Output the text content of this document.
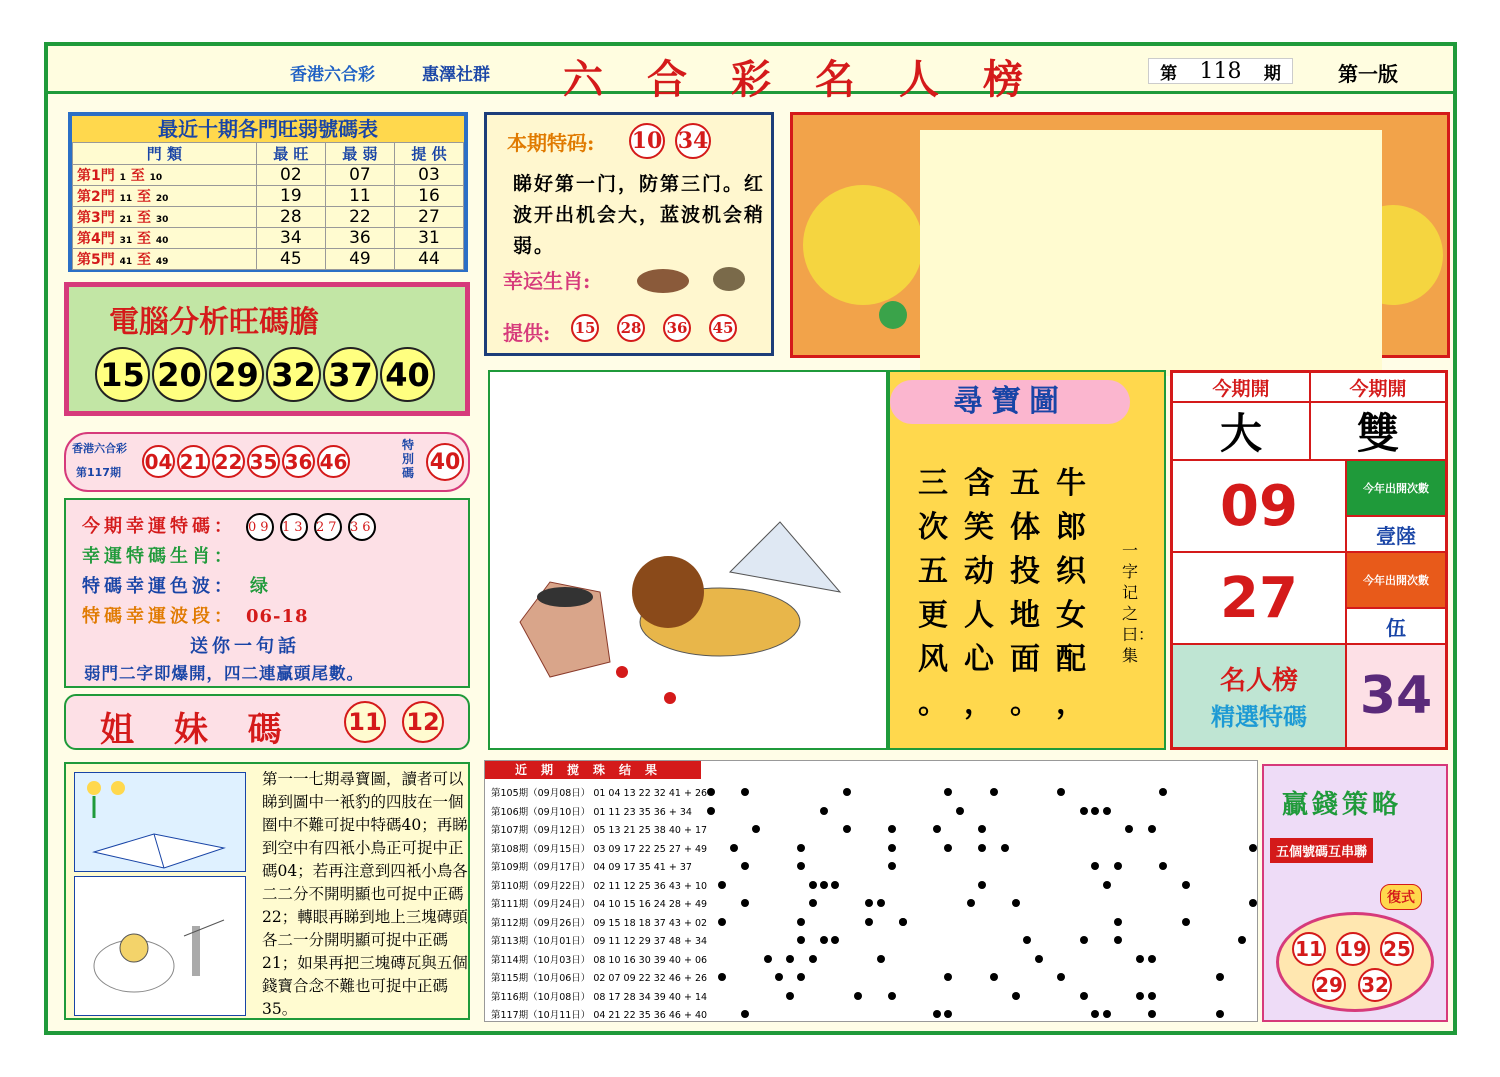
香港六合彩	惠澤社群 六合彩名人榜	第 118 期	第一版
最近十期各門旺弱號碼表
門 類	最 旺	最 弱	提 供
第1門 1 至 10	02	07	03
第2門 11 至 20	19	11	16
第3門 21 至 30	28	22	27
第4門 31 至 40	34	36	31
第5門 41 至 49	45	49	44
電腦分析旺碼膽
15 20 29 32 37 40
香港六合彩
第117期 04 21 22 35 36 46
特別碼 40
今期幸運特碼： 09 13 27 36
幸運特碼生肖：
特碼幸運色波： 绿
特碼幸運波段： 06-18
送你一句話
弱門二字即爆開，四二連贏頭尾數。
姐 妹 碼 11 12
第一一七期尋寶圖，讀者可以睇到圖中一衹豹的四肢在一個圈中不難可捉中特碼40；再睇到空中有四衹小鳥正可捉中正碼04；若再注意到四衹小鳥各二二分不開明顯也可捉中正碼22；轉眼再睇到地上三塊磚頭各二一分開明顯可捉中正碼21；如果再把三塊磚瓦與五個錢寶合念不難也可捉中正碼35。
本期特码: 10 34
睇好第一门，防第三门。红波开出机会大，蓝波机会稍弱。
幸运生肖:
提供: 15 28 36 45
尋寶圖
三 含 五 牛
次 笑 体 郎
五 动 投 织
更 人 地 女
风 心 面 配
。 ， 。 ，
一字记之曰：集
今期開	今期開
大	雙
09	今年出開次數
壹陸
27	今年出開次數
伍
名人榜
精選特碼 34
近期搅珠结果
第105期（09月08日） 01 04 13 22 32 41 + 26
第106期（09月10日） 01 11 23 35 36 + 34
第107期（09月12日） 05 13 21 25 38 40 + 17
第108期（09月15日） 03 09 17 22 25 27 + 49
第109期（09月17日） 04 09 17 35 41 + 37
第110期（09月22日） 02 11 12 25 36 43 + 10
第111期（09月24日） 04 10 15 16 24 28 + 49
第112期（09月26日） 09 15 18 18 37 43 + 02
第113期（10月01日） 09 11 12 29 37 48 + 34
第114期（10月03日） 08 10 16 30 39 40 + 06
第115期（10月06日） 02 07 09 22 32 46 + 26
第116期（10月08日） 08 17 28 34 39 40 + 14
第117期（10月11日） 04 21 22 35 36 46 + 40
贏錢策略
五個號碼互串聯
復式
11 19 25
29 32
